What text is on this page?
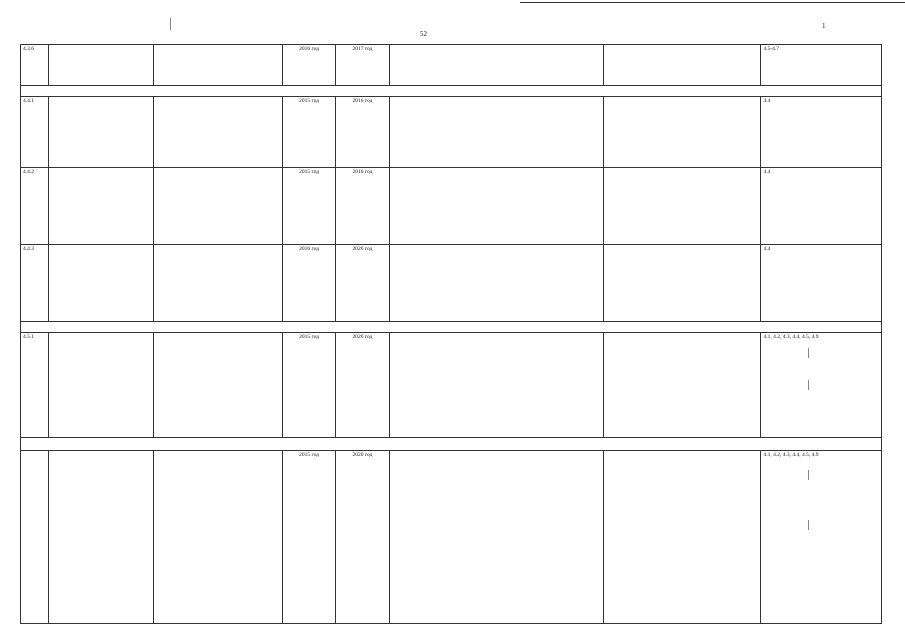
52
1
4.3.6			2016 год	2017 год			4.5-4.7

4.4.1			2015 год	2016 год			4.4
4.4.2			2015 год	2016 год			4.4
4.4.3			2016 год	2020 год			4.4

4.5.1			2015 год	2020 год			4.1, 4.2, 4.3, 4.4, 4.5, 4.9

			2015 год	2020 год			4.1, 4.2, 4.3, 4.4, 4.5, 4.9
